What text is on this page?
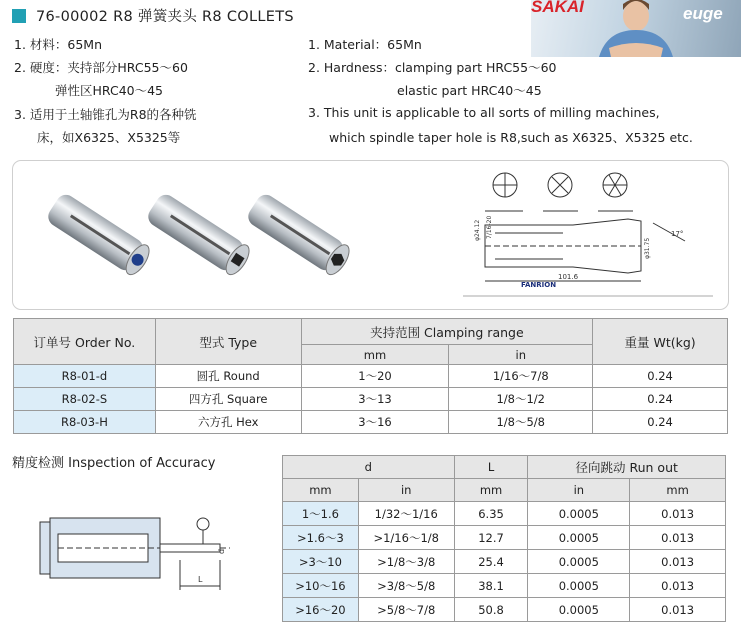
76-00002 R8 弹簧夹头 R8 COLLETS
SAKAI	euge
1. 材料：65Mn
2. 硬度：夹持部分HRC55～60
弹性区HRC40～45
3. 适用于土轴锥孔为R8的各种铣
床，如X6325、X5325等
1. Material：65Mn
2. Hardness：clamping part HRC55～60
elastic part HRC40～45
3. This unit is applicable to all sorts of milling machines,
which spindle taper hole is R8,such as X6325、X5325 etc.
101.6
17°
φ24.12 7/16-20
φ31.75
FANRION
订单号 Order No.	型式 Type	夹持范围 Clamping range		重量 Wt(kg)
		mm	in	
R8-01-d	圆孔 Round	1～20	1/16～7/8	0.24
R8-02-S	四方孔 Square	3～13	1/8～1/2	0.24
R8-03-H	六方孔 Hex	3～16	1/8～5/8	0.24
精度检测 Inspection of Accuracy
d
L
d		L	径向跳动 Run out	
mm	in	mm	in	mm
1～1.6	1/32～1/16	6.35	0.0005	0.013
>1.6～3	>1/16～1/8	12.7	0.0005	0.013
>3～10	>1/8～3/8	25.4	0.0005	0.013
>10～16	>3/8～5/8	38.1	0.0005	0.013
>16～20	>5/8～7/8	50.8	0.0005	0.013
